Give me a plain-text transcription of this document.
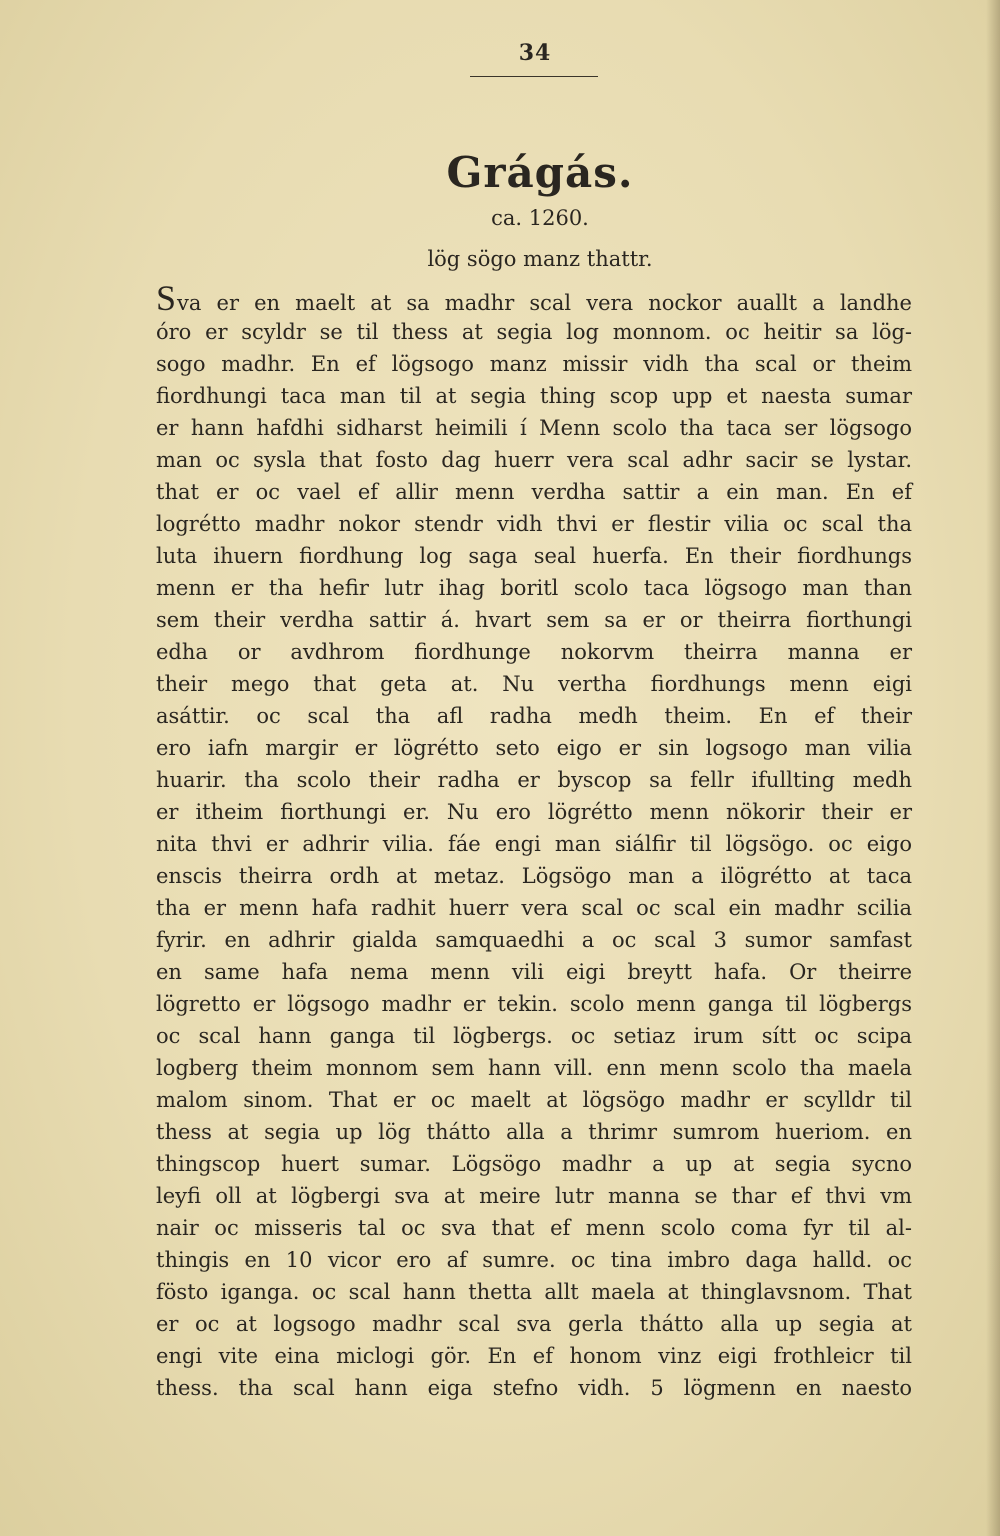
34
Grágás.
ca. 1260.
lög sögo manz thattr.
S va er en maelt at sa madhr scal vera nockor auallt a landhe
óro er scyldr se til thess at segia log monnom. oc heitir sa lög-
sogo madhr. En ef lögsogo manz missir vidh tha scal or theim
fiordhungi taca man til at segia thing scop upp et naesta sumar
er hann hafdhi sidharst heimili í Menn scolo tha taca ser lögsogo
man oc sysla that fosto dag huerr vera scal adhr sacir se lystar.
that er oc vael ef allir menn verdha sattir a ein man. En ef
logrétto madhr nokor stendr vidh thvi er flestir vilia oc scal tha
luta ihuern fiordhung log saga seal huerfa. En their fiordhungs
menn er tha hefir lutr ihag boritl scolo taca lögsogo man than
sem their verdha sattir á. hvart sem sa er or theirra fiorthungi
edha or avdhrom fiordhunge nokorvm theirra manna er
their mego that geta at. Nu vertha fiordhungs menn eigi
asáttir. oc scal tha afl radha medh theim. En ef their
ero iafn margir er lögrétto seto eigo er sin logsogo man vilia
huarir. tha scolo their radha er byscop sa fellr ifullting medh
er itheim fiorthungi er. Nu ero lögrétto menn nökorir their er
nita thvi er adhrir vilia. fáe engi man siálfir til lögsögo. oc eigo
enscis theirra ordh at metaz. Lögsögo man a ilögrétto at taca
tha er menn hafa radhit huerr vera scal oc scal ein madhr scilia
fyrir. en adhrir gialda samquaedhi a oc scal 3 sumor samfast
en same hafa nema menn vili eigi breytt hafa. Or theirre
lögretto er lögsogo madhr er tekin. scolo menn ganga til lögbergs
oc scal hann ganga til lögbergs. oc setiaz irum sítt oc scipa
logberg theim monnom sem hann vill. enn menn scolo tha maela
malom sinom. That er oc maelt at lögsögo madhr er scylldr til
thess at segia up lög thátto alla a thrimr sumrom hueriom. en
thingscop huert sumar. Lögsögo madhr a up at segia sycno
leyfi oll at lögbergi sva at meire lutr manna se thar ef thvi vm
nair oc misseris tal oc sva that ef menn scolo coma fyr til al-
thingis en 10 vicor ero af sumre. oc tina imbro daga halld. oc
fösto iganga. oc scal hann thetta allt maela at thinglavsnom. That
er oc at logsogo madhr scal sva gerla thátto alla up segia at
engi vite eina miclogi gör. En ef honom vinz eigi frothleicr til
thess. tha scal hann eiga stefno vidh. 5 lögmenn en naesto
